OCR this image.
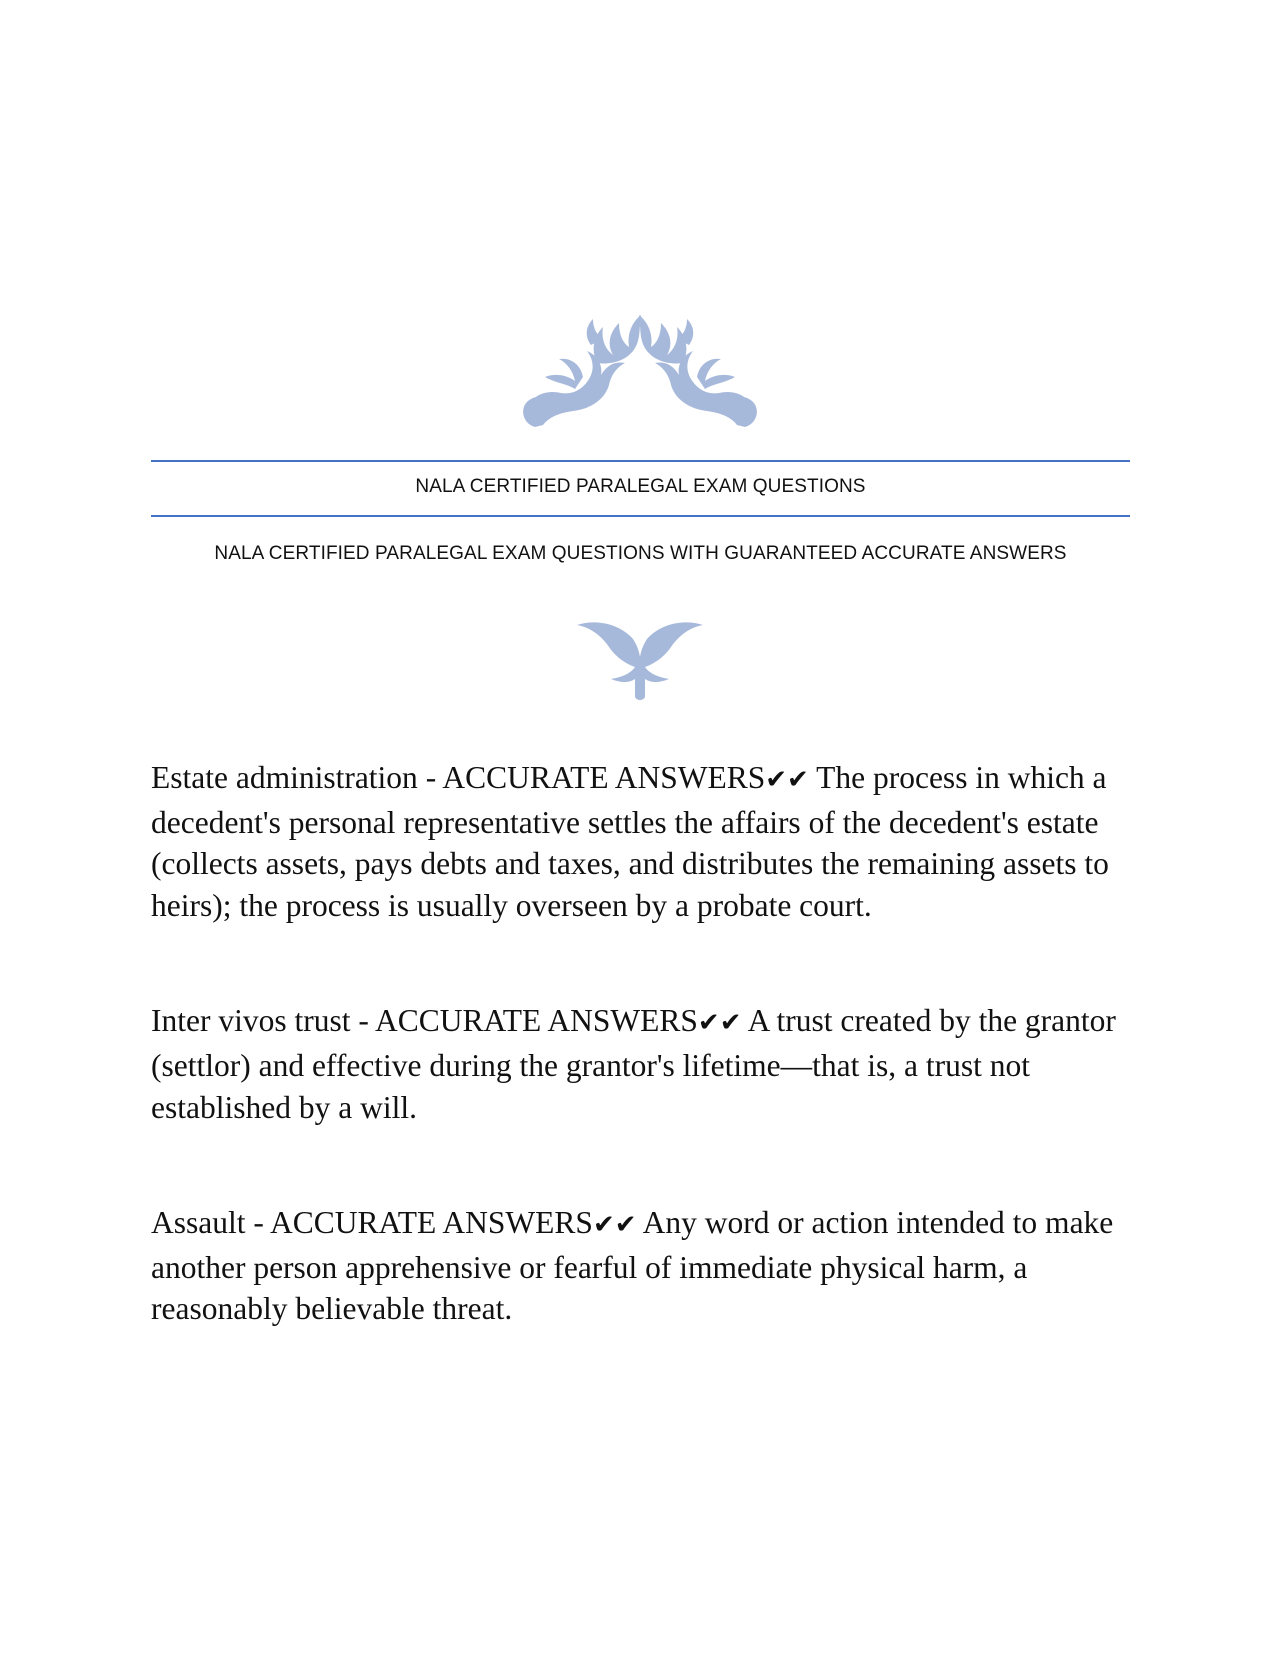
NALA CERTIFIED PARALEGAL EXAM QUESTIONS
NALA CERTIFIED PARALEGAL EXAM QUESTIONS WITH GUARANTEED ACCURATE ANSWERS

Estate administration - ACCURATE ANSWERS✔✔ The process in which a decedent's personal representative settles the affairs of the decedent's estate (collects assets, pays debts and taxes, and distributes the remaining assets to heirs); the process is usually overseen by a probate court.

Inter vivos trust - ACCURATE ANSWERS✔✔ A trust created by the grantor (settlor) and effective during the grantor's lifetime—that is, a trust not established by a will.

Assault - ACCURATE ANSWERS✔✔ Any word or action intended to make another person apprehensive or fearful of immediate physical harm, a reasonably believable threat.
